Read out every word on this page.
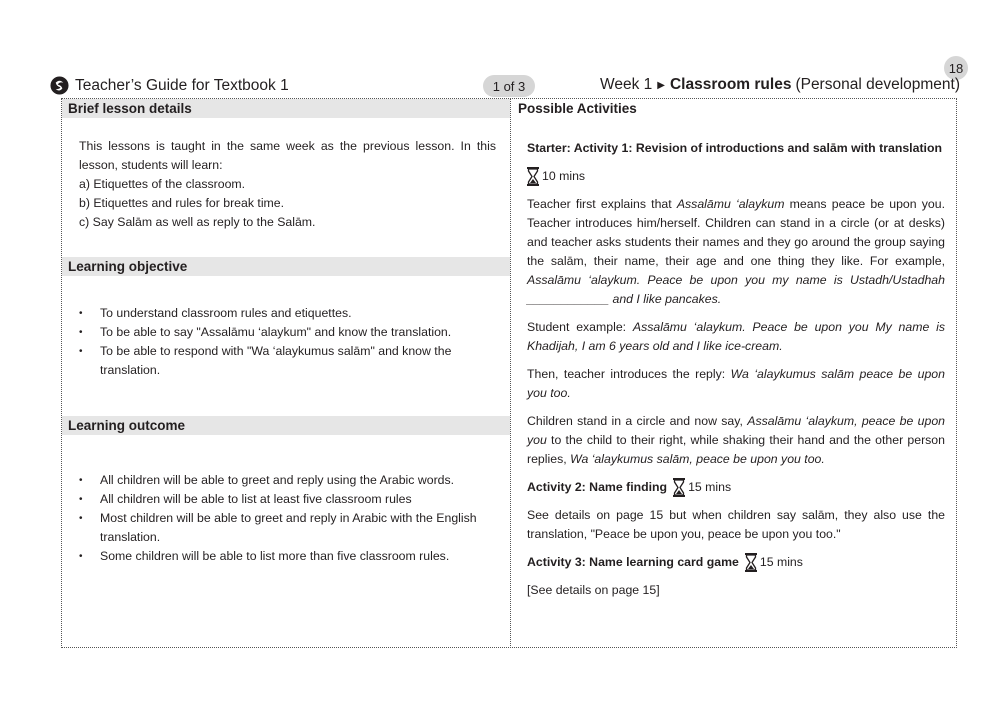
18
Teacher’s Guide for Textbook 1	1 of 3	Week 1 ▶ Classroom rules (Personal development)
Brief lesson details

This lessons is taught in the same week as the previous lesson. In this lesson, students will learn:

a) Etiquettes of the classroom.
b) Etiquettes and rules for break time.
c) Say Salām as well as reply to the Salām.
Learning objective
• To understand classroom rules and etiquettes.
• To be able to say "Assalāmu ‘alaykum" and know the translation.
• To be able to respond with "Wa ‘alaykumus salām" and know the translation.
Learning outcome
• All children will be able to greet and reply using the Arabic words.
• All children will be able to list at least five classroom rules
• Most children will be able to greet and reply in Arabic with the English translation.
• Some children will be able to list more than five classroom rules.
Possible Activities

Starter: Activity 1: Revision of introductions and salām with translation

10 mins

Teacher first explains that Assalāmu ‘alaykum means peace be upon you. Teacher introduces him/herself. Children can stand in a circle (or at desks) and teacher asks students their names and they go around the group saying the salām, their name, their age and one thing they like. For example, Assalāmu ‘alaykum. Peace be upon you my name is Ustadh/Ustadhah ____________ and I like pancakes.

Student example: Assalāmu ‘alaykum. Peace be upon you My name is Khadijah, I am 6 years old and I like ice-cream.

Then, teacher introduces the reply: Wa ‘alaykumus salām peace be upon you too.

Children stand in a circle and now say, Assalāmu ‘alaykum, peace be upon you to the child to their right, while shaking their hand and the other person replies, Wa ‘alaykumus salām, peace be upon you too.

Activity 2: Name finding 15 mins

See details on page 15 but when children say salām, they also use the translation, "Peace be upon you, peace be upon you too."

Activity 3: Name learning card game 15 mins

[See details on page 15]
